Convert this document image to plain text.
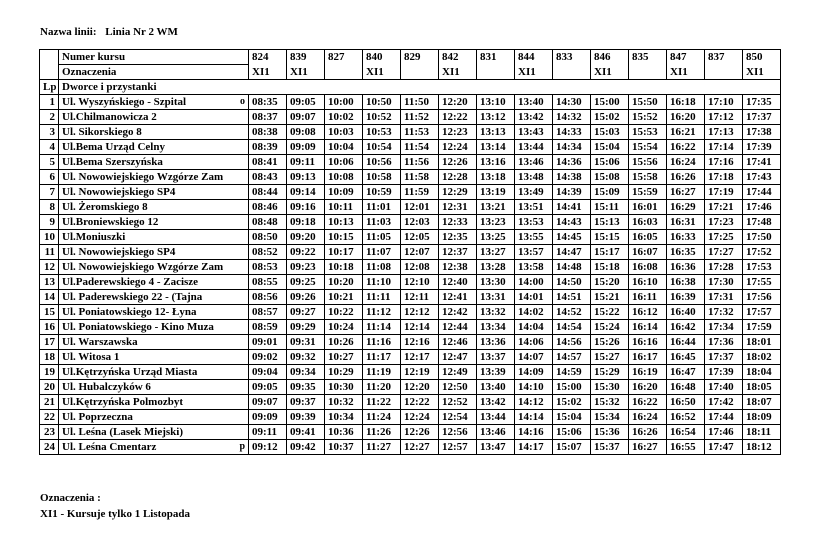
Nazwa linii: Linia Nr 2 WM
	Numer kursu	824	839	827	840	829	842	831	844	833	846	835	847	837	850
	Oznaczenia	XI1	XI1		XI1		XI1		XI1		XI1		XI1		XI1
Lp	Dworce i przystanki														
1	Ul. Wyszyńskiego - Szpital o	08:35	09:05	10:00	10:50	11:50	12:20	13:10	13:40	14:30	15:00	15:50	16:18	17:10	17:35
2	Ul.Chilmanowicza 2	08:37	09:07	10:02	10:52	11:52	12:22	13:12	13:42	14:32	15:02	15:52	16:20	17:12	17:37
3	Ul. Sikorskiego 8	08:38	09:08	10:03	10:53	11:53	12:23	13:13	13:43	14:33	15:03	15:53	16:21	17:13	17:38
4	Ul.Bema Urząd Celny	08:39	09:09	10:04	10:54	11:54	12:24	13:14	13:44	14:34	15:04	15:54	16:22	17:14	17:39
5	Ul.Bema Szerszyńska	08:41	09:11	10:06	10:56	11:56	12:26	13:16	13:46	14:36	15:06	15:56	16:24	17:16	17:41
6	Ul. Nowowiejskiego Wzgórze Zam	08:43	09:13	10:08	10:58	11:58	12:28	13:18	13:48	14:38	15:08	15:58	16:26	17:18	17:43
7	Ul. Nowowiejskiego SP4	08:44	09:14	10:09	10:59	11:59	12:29	13:19	13:49	14:39	15:09	15:59	16:27	17:19	17:44
8	Ul. Żeromskiego 8	08:46	09:16	10:11	11:01	12:01	12:31	13:21	13:51	14:41	15:11	16:01	16:29	17:21	17:46
9	Ul.Broniewskiego 12	08:48	09:18	10:13	11:03	12:03	12:33	13:23	13:53	14:43	15:13	16:03	16:31	17:23	17:48
10	Ul.Moniuszki	08:50	09:20	10:15	11:05	12:05	12:35	13:25	13:55	14:45	15:15	16:05	16:33	17:25	17:50
11	Ul. Nowowiejskiego SP4	08:52	09:22	10:17	11:07	12:07	12:37	13:27	13:57	14:47	15:17	16:07	16:35	17:27	17:52
12	Ul. Nowowiejskiego Wzgórze Zam	08:53	09:23	10:18	11:08	12:08	12:38	13:28	13:58	14:48	15:18	16:08	16:36	17:28	17:53
13	Ul.Paderewskiego 4 - Zacisze	08:55	09:25	10:20	11:10	12:10	12:40	13:30	14:00	14:50	15:20	16:10	16:38	17:30	17:55
14	Ul. Paderewskiego 22 - (Tajna	08:56	09:26	10:21	11:11	12:11	12:41	13:31	14:01	14:51	15:21	16:11	16:39	17:31	17:56
15	Ul. Poniatowskiego 12- Łyna	08:57	09:27	10:22	11:12	12:12	12:42	13:32	14:02	14:52	15:22	16:12	16:40	17:32	17:57
16	Ul. Poniatowskiego - Kino Muza	08:59	09:29	10:24	11:14	12:14	12:44	13:34	14:04	14:54	15:24	16:14	16:42	17:34	17:59
17	Ul. Warszawska	09:01	09:31	10:26	11:16	12:16	12:46	13:36	14:06	14:56	15:26	16:16	16:44	17:36	18:01
18	Ul. Witosa 1	09:02	09:32	10:27	11:17	12:17	12:47	13:37	14:07	14:57	15:27	16:17	16:45	17:37	18:02
19	Ul.Kętrzyńska Urząd Miasta	09:04	09:34	10:29	11:19	12:19	12:49	13:39	14:09	14:59	15:29	16:19	16:47	17:39	18:04
20	Ul. Hubalczyków 6	09:05	09:35	10:30	11:20	12:20	12:50	13:40	14:10	15:00	15:30	16:20	16:48	17:40	18:05
21	Ul.Kętrzyńska Polmozbyt	09:07	09:37	10:32	11:22	12:22	12:52	13:42	14:12	15:02	15:32	16:22	16:50	17:42	18:07
22	Ul. Poprzeczna	09:09	09:39	10:34	11:24	12:24	12:54	13:44	14:14	15:04	15:34	16:24	16:52	17:44	18:09
23	Ul. Leśna (Lasek Miejski)	09:11	09:41	10:36	11:26	12:26	12:56	13:46	14:16	15:06	15:36	16:26	16:54	17:46	18:11
24	Ul. Leśna Cmentarz p	09:12	09:42	10:37	11:27	12:27	12:57	13:47	14:17	15:07	15:37	16:27	16:55	17:47	18:12
Oznaczenia :
XI1 - Kursuje tylko 1 Listopada
